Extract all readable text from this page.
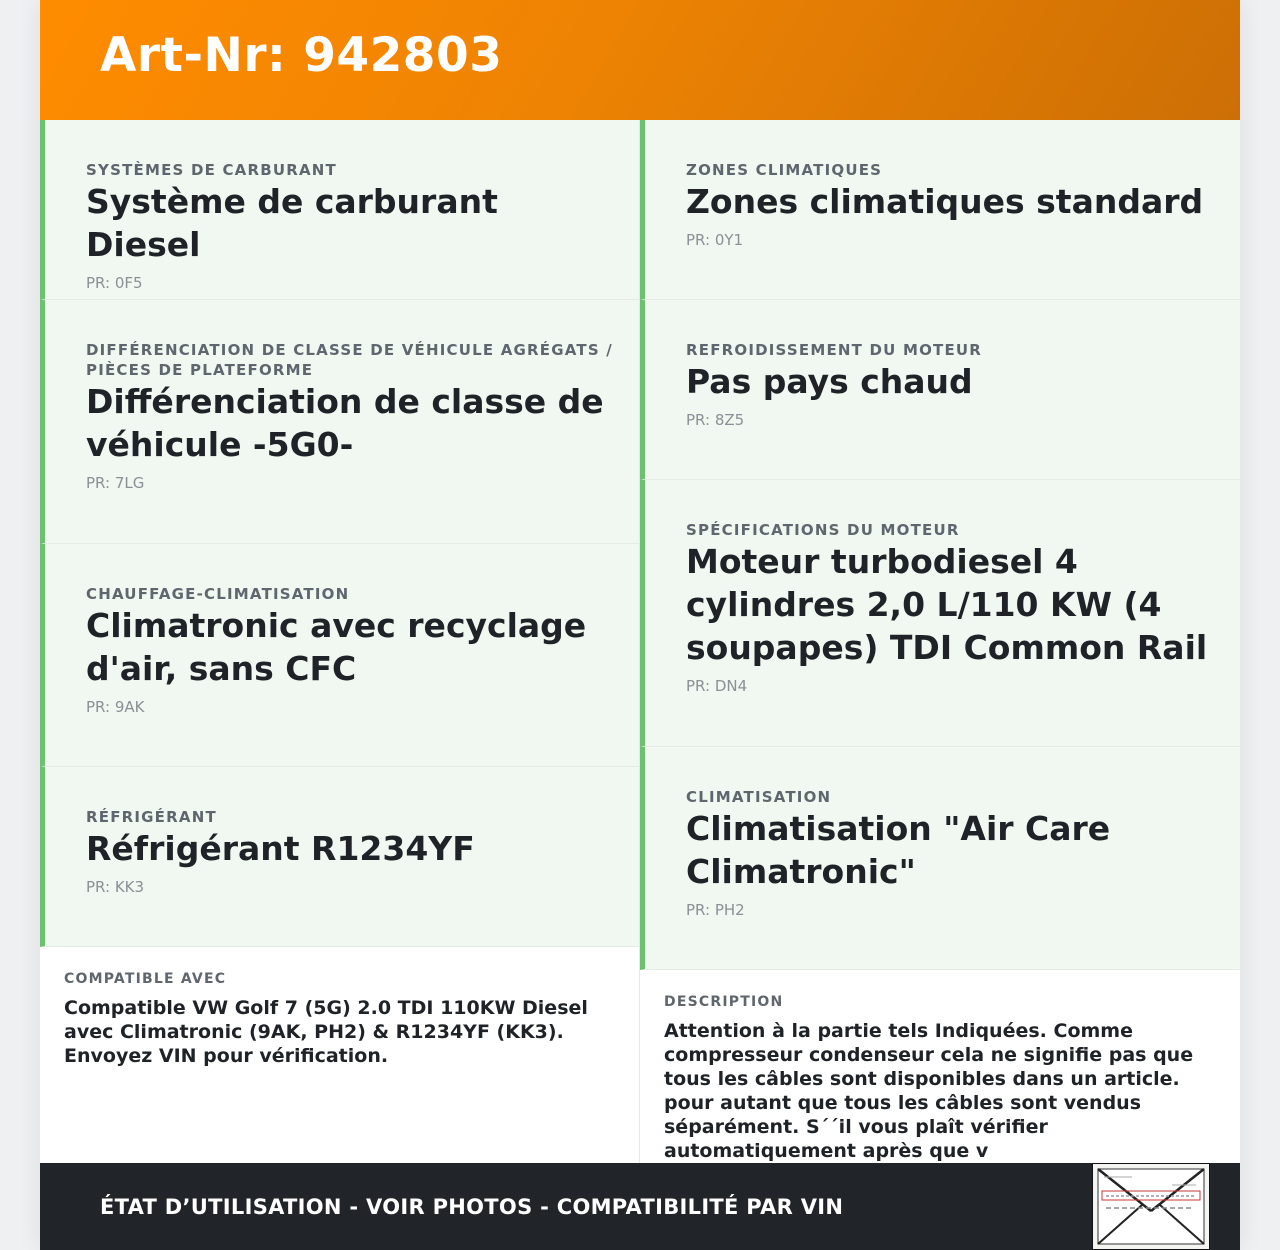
Art-Nr: 942803
SYSTÈMES DE CARBURANT
Système de carburant Diesel
PR: 0F5
DIFFÉRENCIATION DE CLASSE DE VÉHICULE AGRÉGATS / PIÈCES DE PLATEFORME
Différenciation de classe de véhicule -5G0-
PR: 7LG
CHAUFFAGE-CLIMATISATION
Climatronic avec recyclage d'air, sans CFC
PR: 9AK
RÉFRIGÉRANT
Réfrigérant R1234YF
PR: KK3
COMPATIBLE AVEC
Compatible VW Golf 7 (5G) 2.0 TDI 110KW Diesel avec Climatronic (9AK, PH2) & R1234YF (KK3). Envoyez VIN pour vérification.
ZONES CLIMATIQUES
Zones climatiques standard
PR: 0Y1
REFROIDISSEMENT DU MOTEUR
Pas pays chaud
PR: 8Z5
SPÉCIFICATIONS DU MOTEUR
Moteur turbodiesel 4 cylindres 2,0 L/110 KW (4 soupapes) TDI Common Rail
PR: DN4
CLIMATISATION
Climatisation "Air Care Climatronic"
PR: PH2
DESCRIPTION
Attention à la partie tels Indiquées. Comme compresseur condenseur cela ne signifie pas que tous les câbles sont disponibles dans un article. pour autant que tous les câbles sont vendus séparément. S´´il vous plaît vérifier automatiquement après que v
ÉTAT D’UTILISATION - VOIR PHOTOS - COMPATIBILITÉ PAR VIN
